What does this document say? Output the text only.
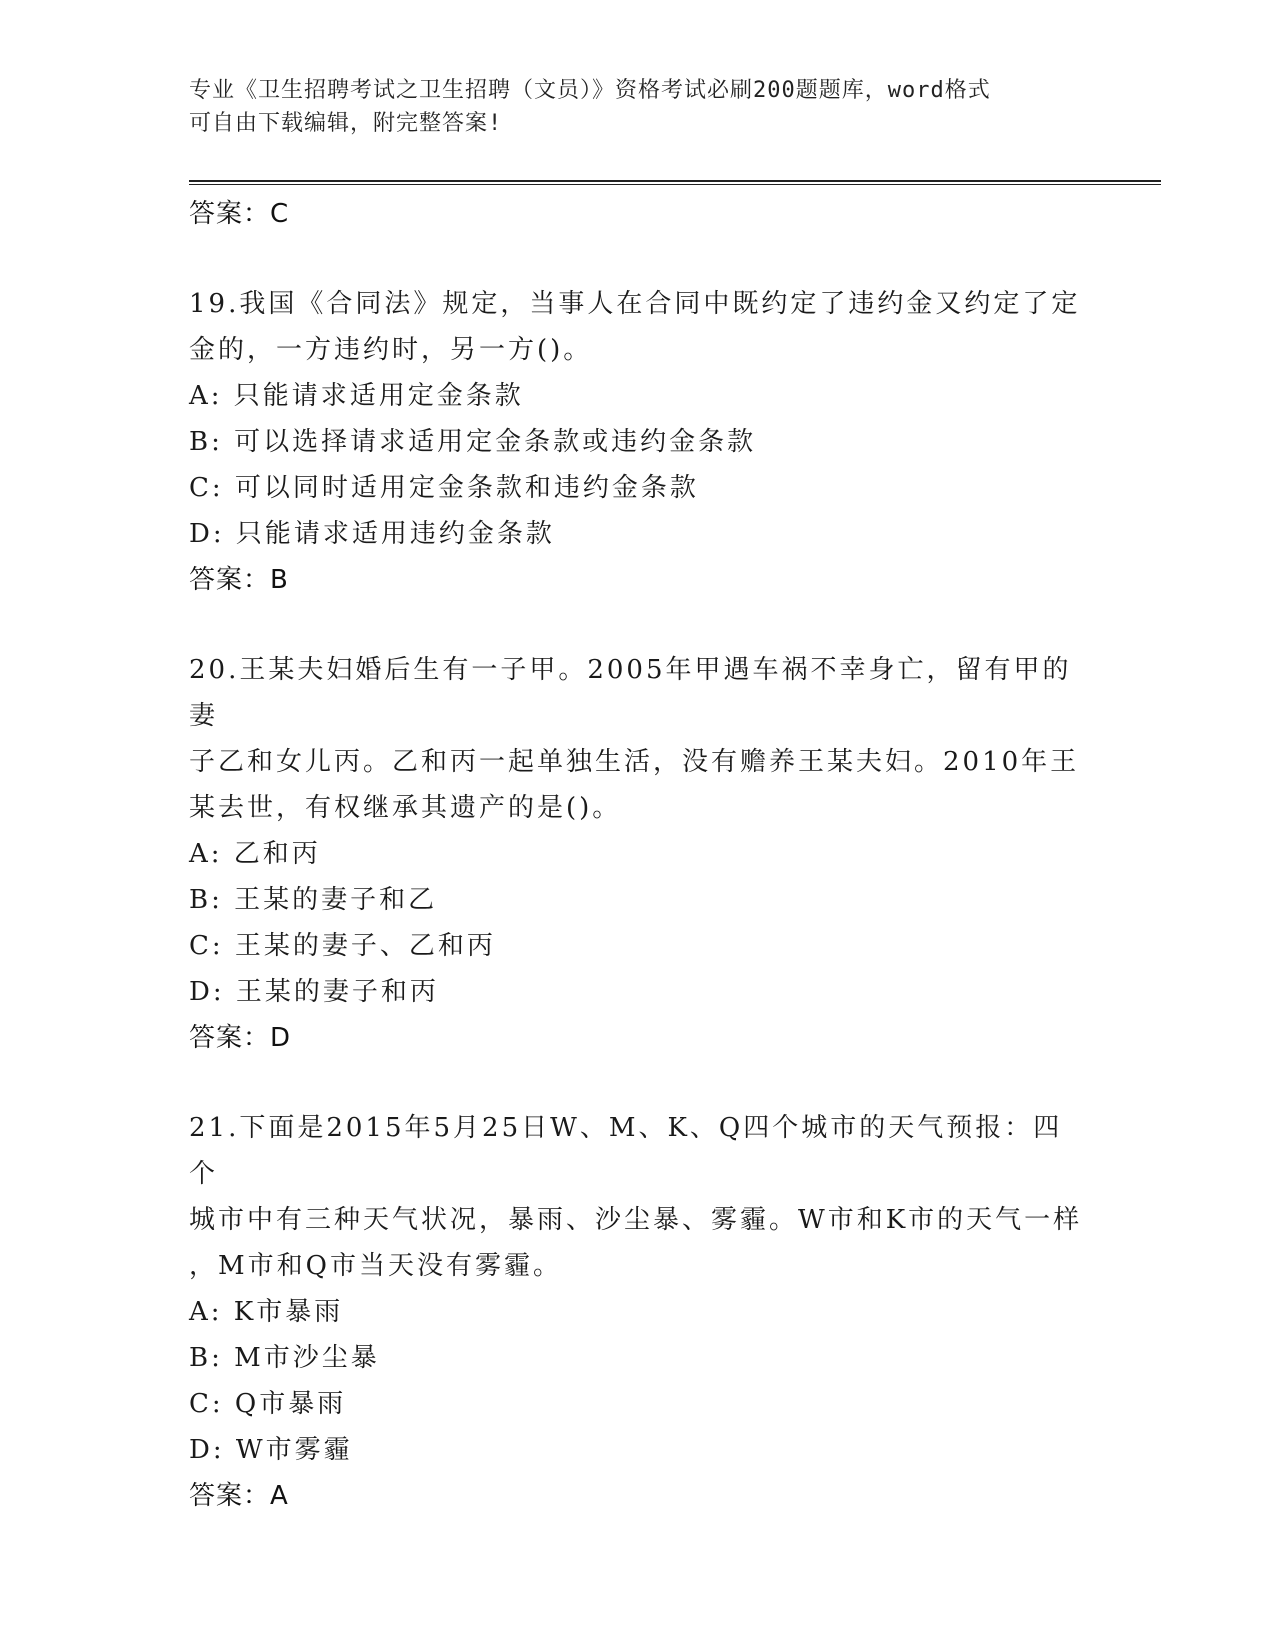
专业《卫生招聘考试之卫生招聘（文员）》资格考试必刷200题题库，word格式
可自由下载编辑，附完整答案!
答案：C
19.我国《合同法》规定，当事人在合同中既约定了违约金又约定了定
金的，一方违约时，另一方()。
A: 只能请求适用定金条款
B: 可以选择请求适用定金条款或违约金条款
C: 可以同时适用定金条款和违约金条款
D: 只能请求适用违约金条款
答案：B
20.王某夫妇婚后生有一子甲。2005年甲遇车祸不幸身亡，留有甲的妻
子乙和女儿丙。乙和丙一起单独生活，没有赡养王某夫妇。2010年王
某去世，有权继承其遗产的是()。
A: 乙和丙
B: 王某的妻子和乙
C: 王某的妻子、乙和丙
D: 王某的妻子和丙
答案：D
21.下面是2015年5月25日W、M、K、Q四个城市的天气预报：四个
城市中有三种天气状况，暴雨、沙尘暴、雾霾。W市和K市的天气一样
，M市和Q市当天没有雾霾。
A: K市暴雨
B: M市沙尘暴
C: Q市暴雨
D: W市雾霾
答案：A
